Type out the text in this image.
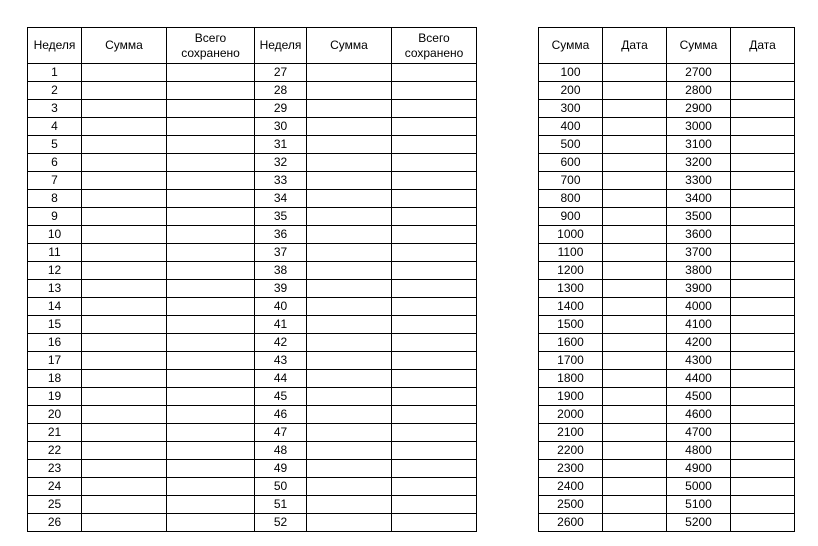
Неделя	Сумма	Всего сохранено	Неделя	Сумма	Всего сохранено
1			27		
2			28		
3			29		
4			30		
5			31		
6			32		
7			33		
8			34		
9			35		
10			36		
11			37		
12			38		
13			39		
14			40		
15			41		
16			42		
17			43		
18			44		
19			45		
20			46		
21			47		
22			48		
23			49		
24			50		
25			51		
26			52		
Сумма	Дата	Сумма	Дата
100		2700	
200		2800	
300		2900	
400		3000	
500		3100	
600		3200	
700		3300	
800		3400	
900		3500	
1000		3600	
1100		3700	
1200		3800	
1300		3900	
1400		4000	
1500		4100	
1600		4200	
1700		4300	
1800		4400	
1900		4500	
2000		4600	
2100		4700	
2200		4800	
2300		4900	
2400		5000	
2500		5100	
2600		5200	
